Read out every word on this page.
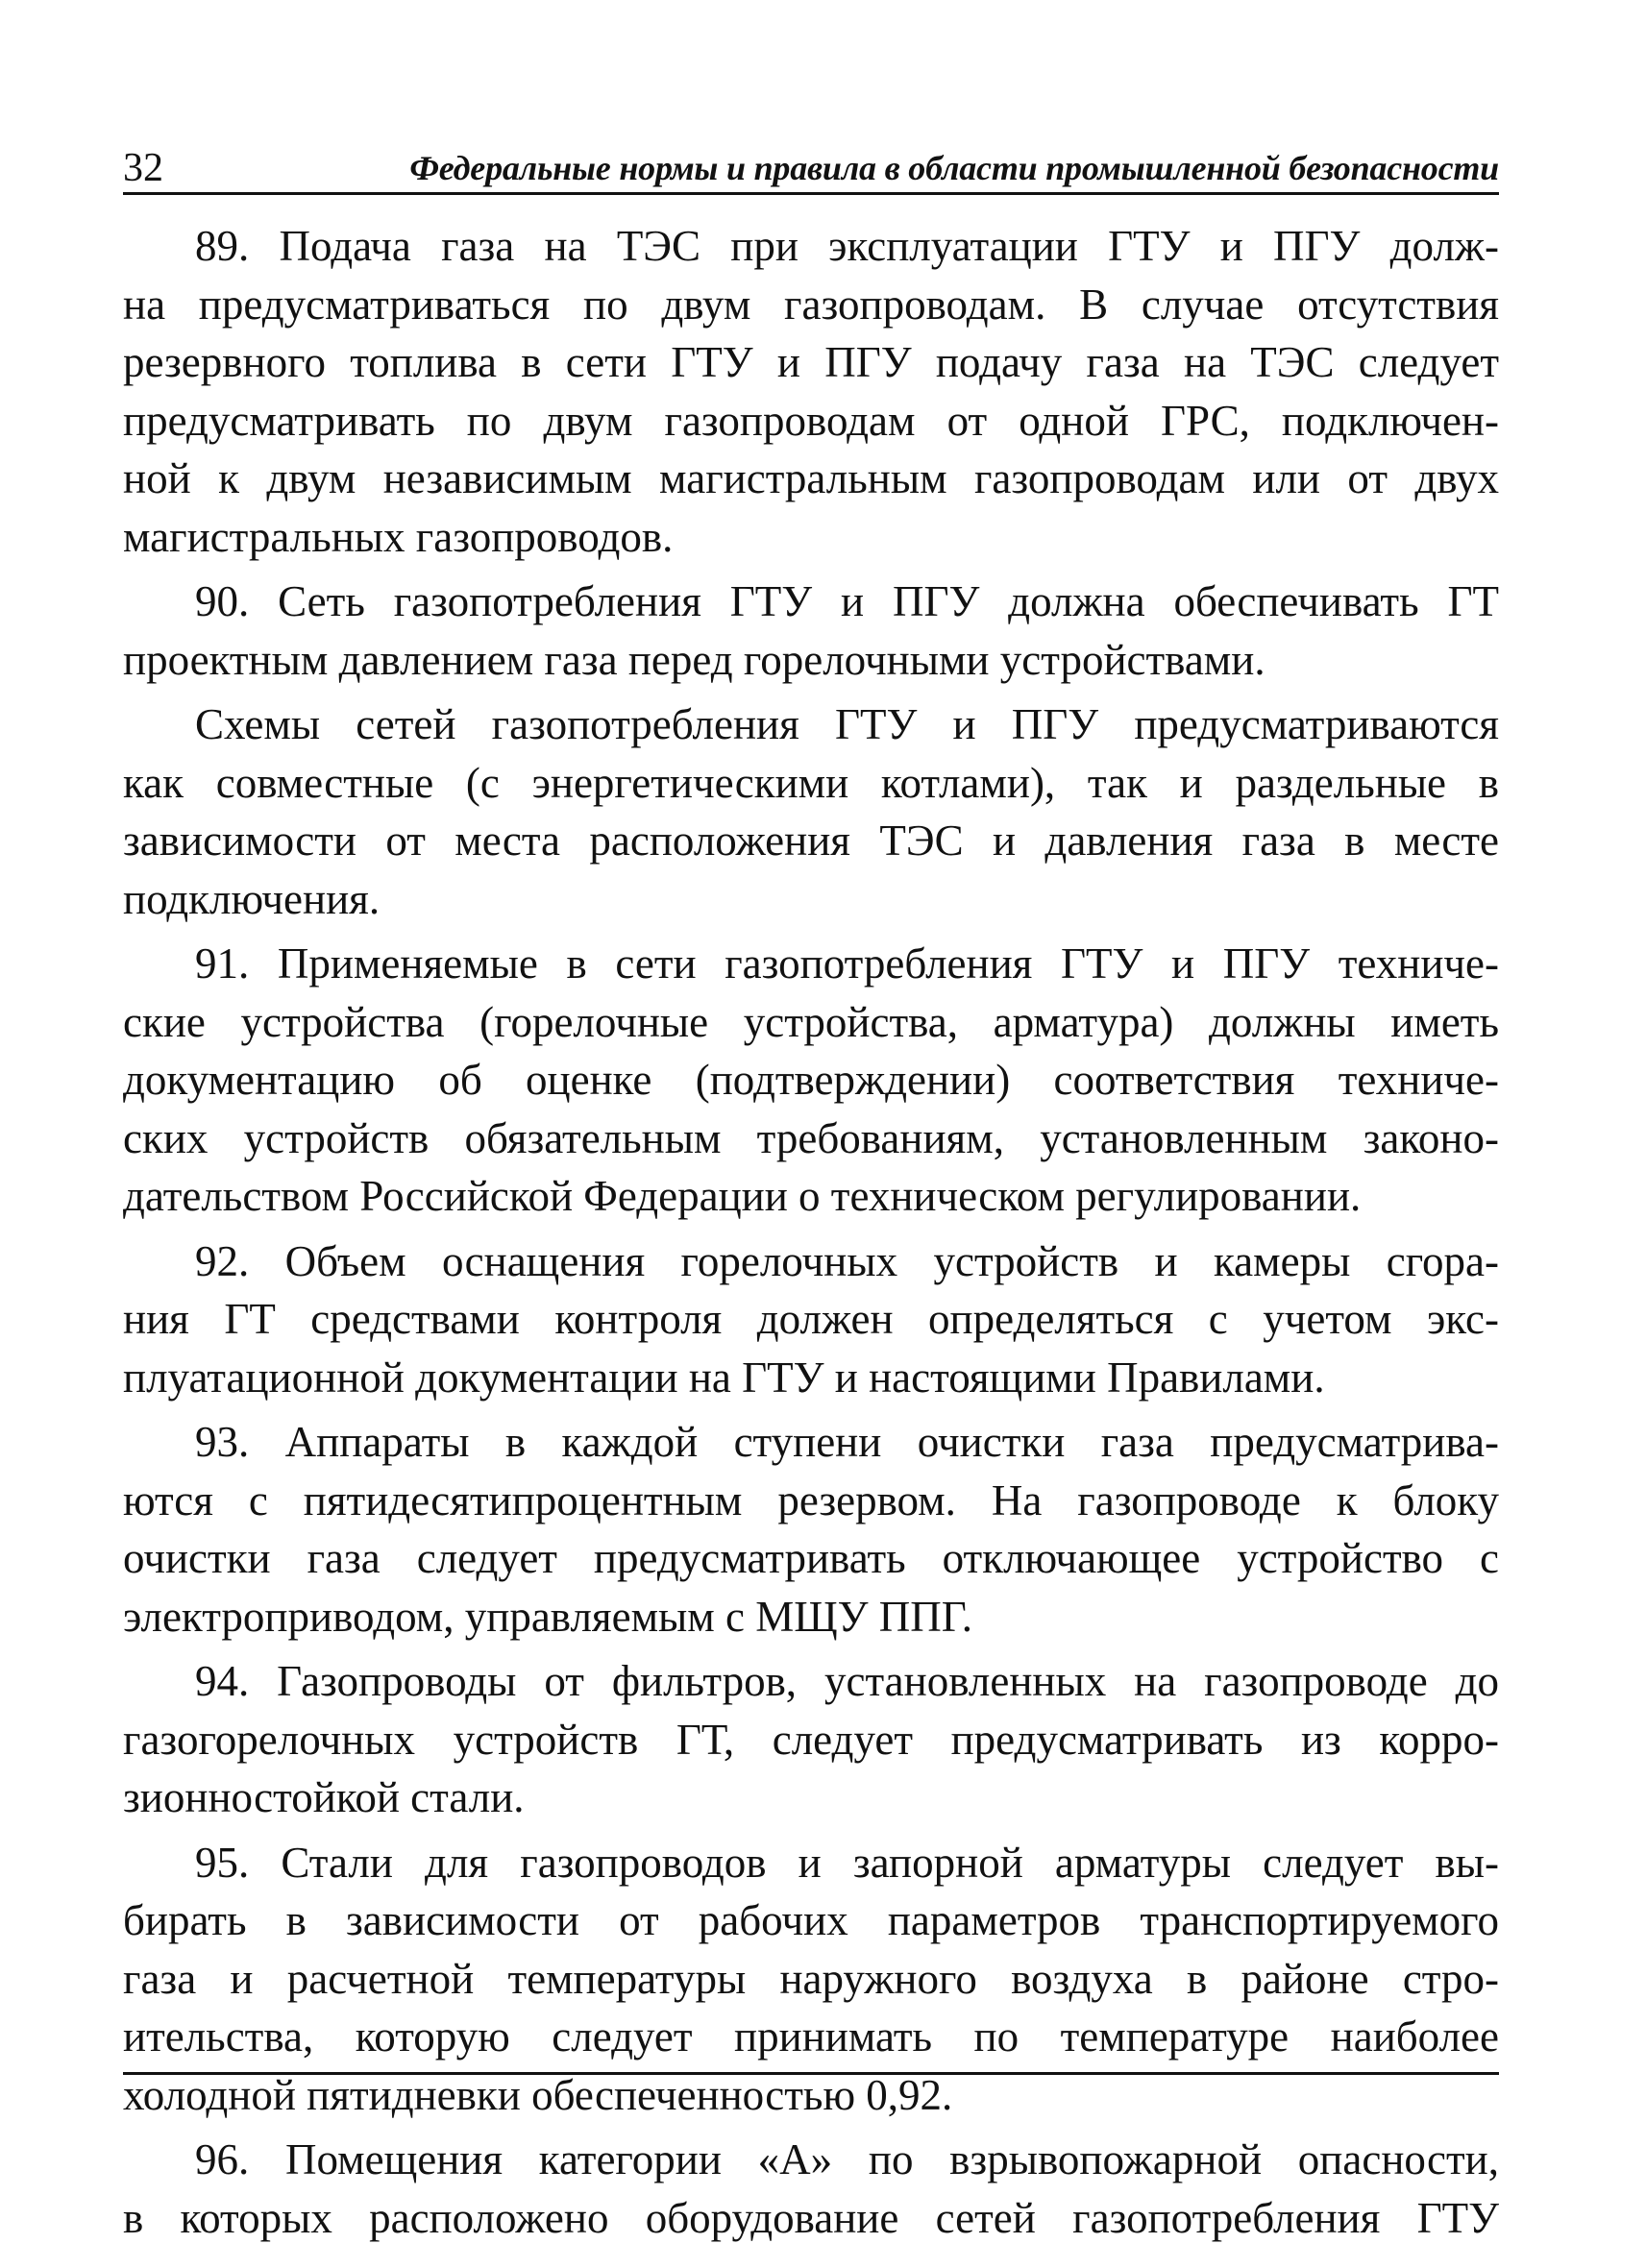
32	Федеральные нормы и правила в области промышленной безопасности

89. Подача газа на ТЭС при эксплуатации ГТУ и ПГУ долж-
на предусматриваться по двум газопроводам. В случае отсутствия
резервного топлива в сети ГТУ и ПГУ подачу газа на ТЭС следует
предусматривать по двум газопроводам от одной ГРС, подключен-
ной к двум независимым магистральным газопроводам или от двух
магистральных газопроводов.

90. Сеть газопотребления ГТУ и ПГУ должна обеспечивать ГТ
проектным давлением газа перед горелочными устройствами.

Схемы сетей газопотребления ГТУ и ПГУ предусматриваются
как совместные (с энергетическими котлами), так и раздельные в
зависимости от места расположения ТЭС и давления газа в месте
подключения.

91. Применяемые в сети газопотребления ГТУ и ПГУ техниче-
ские устройства (горелочные устройства, арматура) должны иметь
документацию об оценке (подтверждении) соответствия техниче-
ских устройств обязательным требованиям, установленным законо-
дательством Российской Федерации о техническом регулировании.

92. Объем оснащения горелочных устройств и камеры сгора-
ния ГТ средствами контроля должен определяться с учетом экс-
плуатационной документации на ГТУ и настоящими Правилами.

93. Аппараты в каждой ступени очистки газа предусматрива-
ются с пятидесятипроцентным резервом. На газопроводе к блоку
очистки газа следует предусматривать отключающее устройство с
электроприводом, управляемым с МЩУ ППГ.

94. Газопроводы от фильтров, установленных на газопроводе до
газогорелочных устройств ГТ, следует предусматривать из корро-
зионностойкой стали.

95. Стали для газопроводов и запорной арматуры следует вы-
бирать в зависимости от рабочих параметров транспортируемого
газа и расчетной температуры наружного воздуха в районе стро-
ительства, которую следует принимать по температуре наиболее
холодной пятидневки обеспеченностью 0,92.

96. Помещения категории «А» по взрывопожарной опасности,
в которых расположено оборудование сетей газопотребления ГТУ
